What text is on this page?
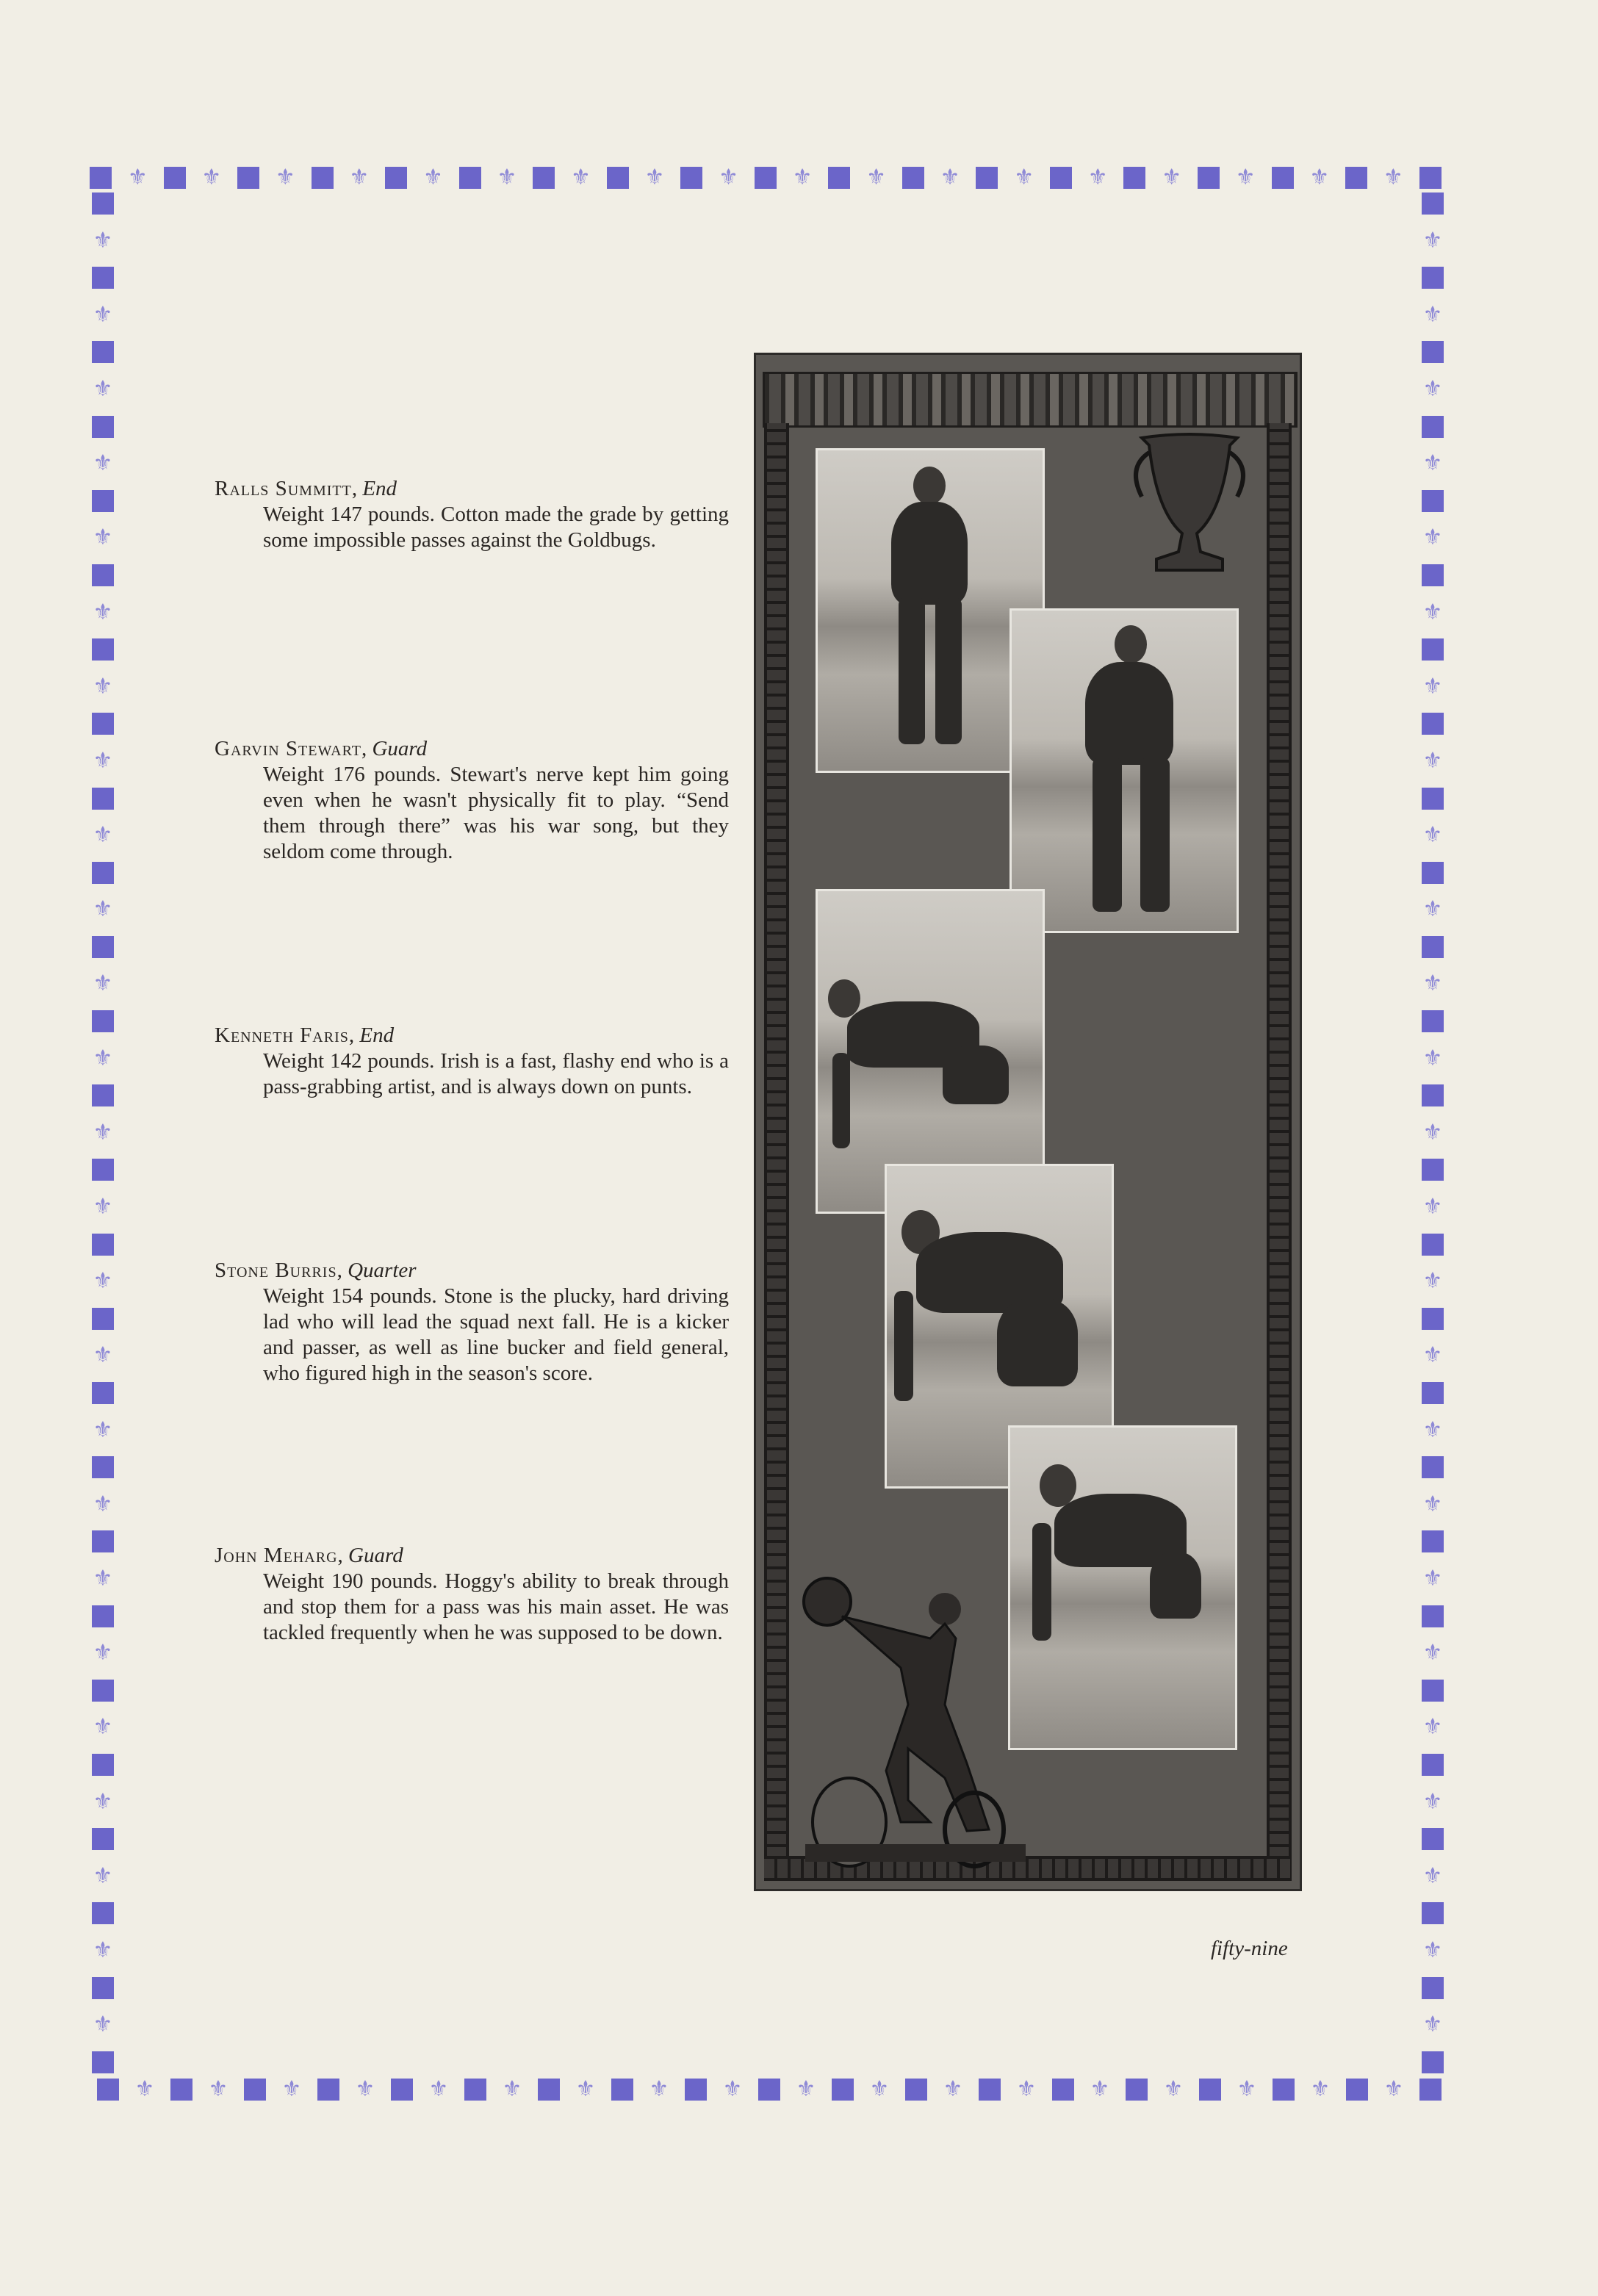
⚜ ⚜ ⚜ ⚜ ⚜ ⚜ ⚜ ⚜ ⚜ ⚜ ⚜ ⚜ ⚜ ⚜ ⚜ ⚜ ⚜ ⚜
⚜ ⚜ ⚜ ⚜ ⚜ ⚜ ⚜ ⚜ ⚜ ⚜ ⚜ ⚜ ⚜ ⚜ ⚜ ⚜ ⚜ ⚜
⚜
⚜
⚜
⚜
⚜
⚜
⚜
⚜
⚜
⚜
⚜
⚜
⚜
⚜
⚜
⚜
⚜
⚜
⚜
⚜
⚜
⚜
⚜
⚜
⚜
⚜
⚜
⚜
⚜
⚜
⚜
⚜
⚜
⚜
⚜
⚜
⚜
⚜
⚜
⚜
⚜
⚜
⚜
⚜
⚜
⚜
⚜
⚜
⚜
⚜
Ralls Summitt, End
Weight 147 pounds. Cotton made the grade by getting some impossible passes against the Goldbugs.
Garvin Stewart, Guard
Weight 176 pounds. Stewart's nerve kept him going even when he wasn't physically fit to play. “Send them through there” was his war song, but they seldom come through.
Kenneth Faris, End
Weight 142 pounds. Irish is a fast, flashy end who is a pass-grabbing artist, and is always down on punts.
Stone Burris, Quarter
Weight 154 pounds. Stone is the plucky, hard driving lad who will lead the squad next fall. He is a kicker and passer, as well as line bucker and field general, who figured high in the season's score.
John Meharg, Guard
Weight 190 pounds. Hoggy's ability to break through and stop them for a pass was his main asset. He was tackled frequently when he was supposed to be down.
fifty-nine
